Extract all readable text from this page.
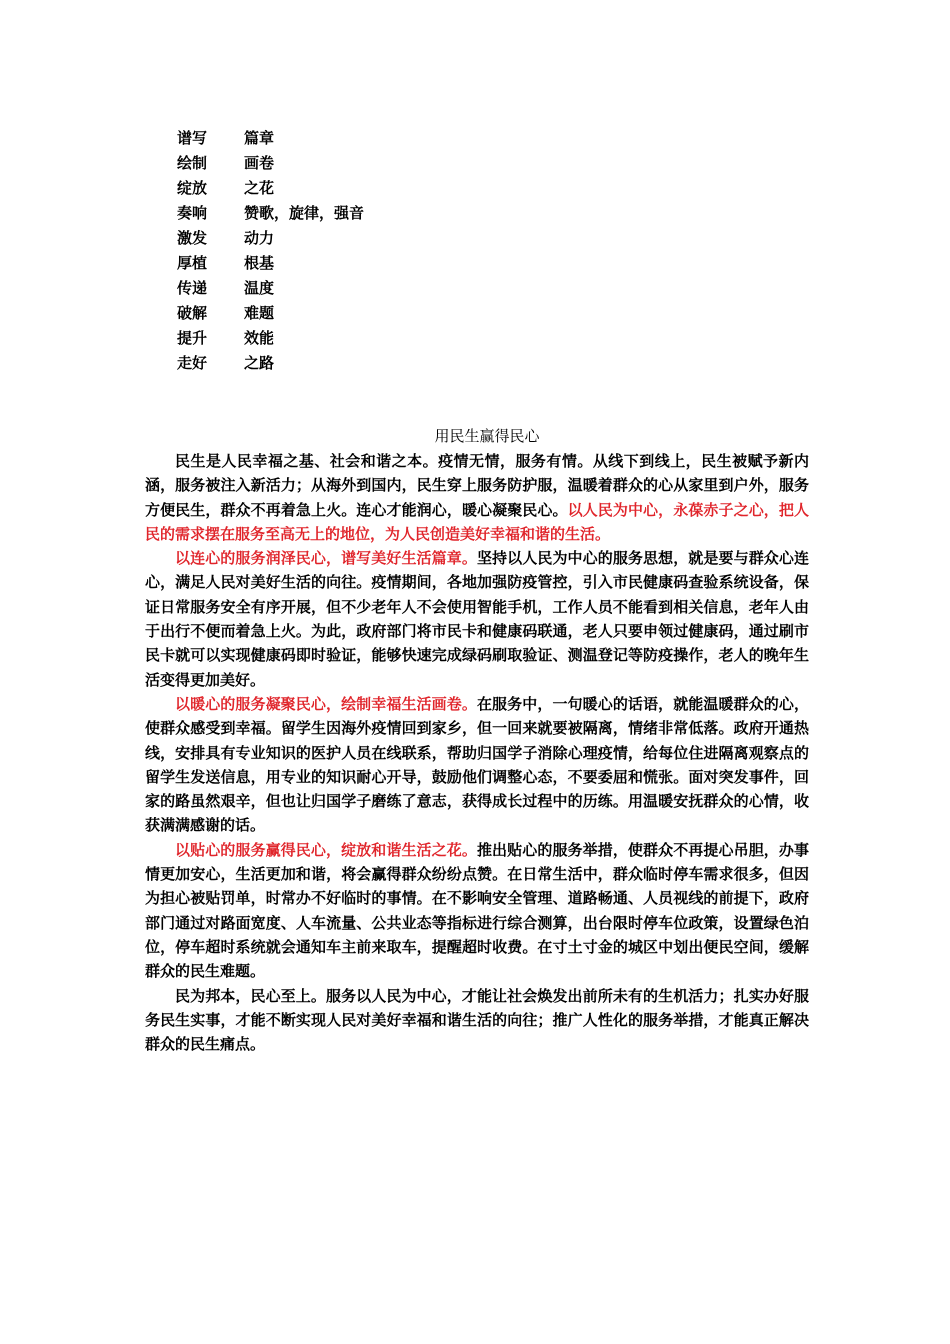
谱写 篇章
绘制 画卷
绽放 之花
奏响 赞歌，旋律，强音
激发 动力
厚植 根基
传递 温度
破解 难题
提升 效能
走好 之路
用民生赢得民心

民生是人民幸福之基、社会和谐之本。疫情无情，服务有情。从线下到线上，民生被赋予新内涵，服务被注入新活力；从海外到国内，民生穿上服务防护服，温暖着群众的心从家里到户外，服务方便民生，群众不再着急上火。连心才能润心，暖心凝聚民心。以人民为中心，永葆赤子之心，把人民的需求摆在服务至高无上的地位，为人民创造美好幸福和谐的生活。

以连心的服务润泽民心，谱写美好生活篇章。坚持以人民为中心的服务思想，就是要与群众心连心，满足人民对美好生活的向往。疫情期间，各地加强防疫管控，引入市民健康码查验系统设备，保证日常服务安全有序开展，但不少老年人不会使用智能手机，工作人员不能看到相关信息，老年人由于出行不便而着急上火。为此，政府部门将市民卡和健康码联通，老人只要申领过健康码，通过刷市民卡就可以实现健康码即时验证，能够快速完成绿码刷取验证、测温登记等防疫操作，老人的晚年生活变得更加美好。

以暖心的服务凝聚民心，绘制幸福生活画卷。在服务中，一句暖心的话语，就能温暖群众的心，使群众感受到幸福。留学生因海外疫情回到家乡，但一回来就要被隔离，情绪非常低落。政府开通热线，安排具有专业知识的医护人员在线联系，帮助归国学子消除心理疫情，给每位住进隔离观察点的留学生发送信息，用专业的知识耐心开导，鼓励他们调整心态，不要委屈和慌张。面对突发事件，回家的路虽然艰辛，但也让归国学子磨练了意志，获得成长过程中的历练。用温暖安抚群众的心情，收获满满感谢的话。

以贴心的服务赢得民心，绽放和谐生活之花。推出贴心的服务举措，使群众不再提心吊胆，办事情更加安心，生活更加和谐，将会赢得群众纷纷点赞。在日常生活中，群众临时停车需求很多，但因为担心被贴罚单，时常办不好临时的事情。在不影响安全管理、道路畅通、人员视线的前提下，政府部门通过对路面宽度、人车流量、公共业态等指标进行综合测算，出台限时停车位政策，设置绿色泊位，停车超时系统就会通知车主前来取车，提醒超时收费。在寸土寸金的城区中划出便民空间，缓解群众的民生难题。

民为邦本，民心至上。服务以人民为中心，才能让社会焕发出前所未有的生机活力；扎实办好服务民生实事，才能不断实现人民对美好幸福和谐生活的向往；推广人性化的服务举措，才能真正解决群众的民生痛点。
